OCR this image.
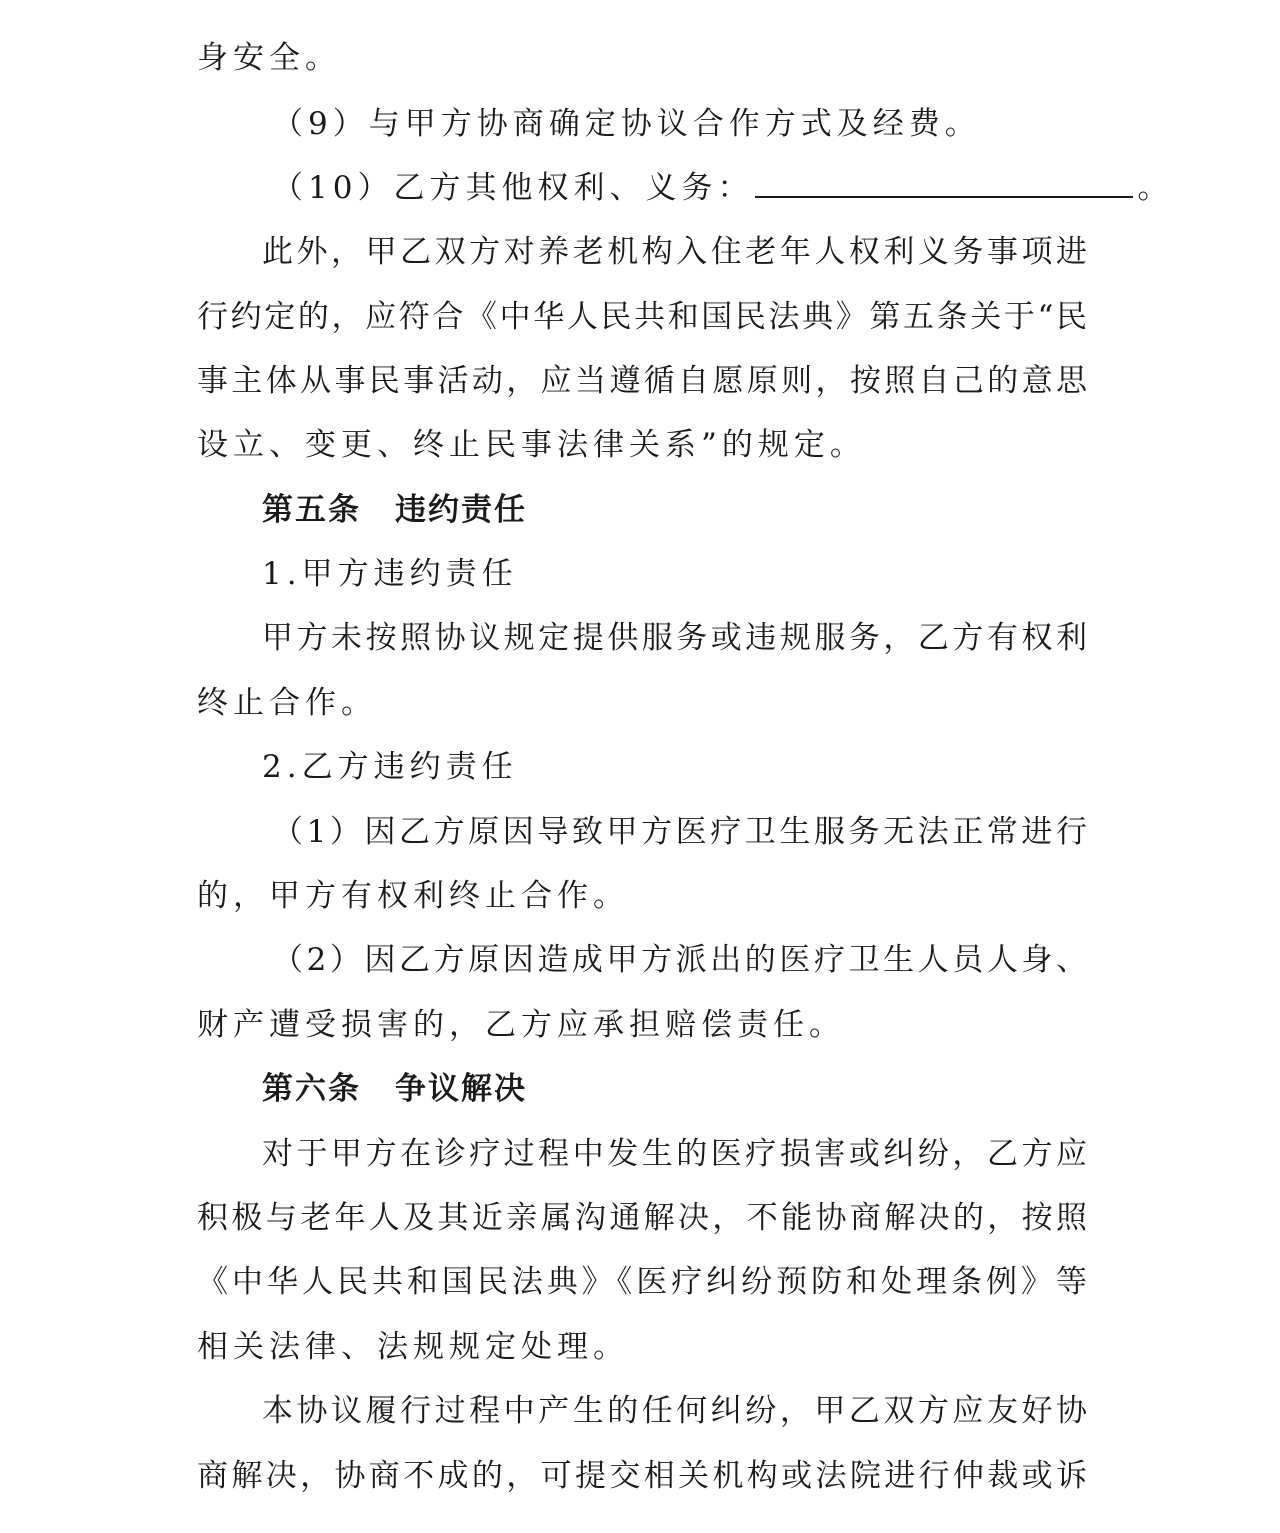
身安全。
（9）与甲方协商确定协议合作方式及经费。
（10）乙方其他权利、义务：	。
此外，甲乙双方对养老机构入住老年人权利义务事项进
行约定的，应符合《中华人民共和国民法典》第五条关于“民
事主体从事民事活动，应当遵循自愿原则，按照自己的意思
设立、变更、终止民事法律关系”的规定。
第五条 违约责任
1.甲方违约责任
甲方未按照协议规定提供服务或违规服务，乙方有权利
终止合作。
2.乙方违约责任
（1）因乙方原因导致甲方医疗卫生服务无法正常进行
的，甲方有权利终止合作。
（2）因乙方原因造成甲方派出的医疗卫生人员人身、
财产遭受损害的，乙方应承担赔偿责任。
第六条 争议解决
对于甲方在诊疗过程中发生的医疗损害或纠纷，乙方应
积极与老年人及其近亲属沟通解决，不能协商解决的，按照
《中华人民共和国民法典》《医疗纠纷预防和处理条例》等
相关法律、法规规定处理。
本协议履行过程中产生的任何纠纷，甲乙双方应友好协
商解决，协商不成的，可提交相关机构或法院进行仲裁或诉
